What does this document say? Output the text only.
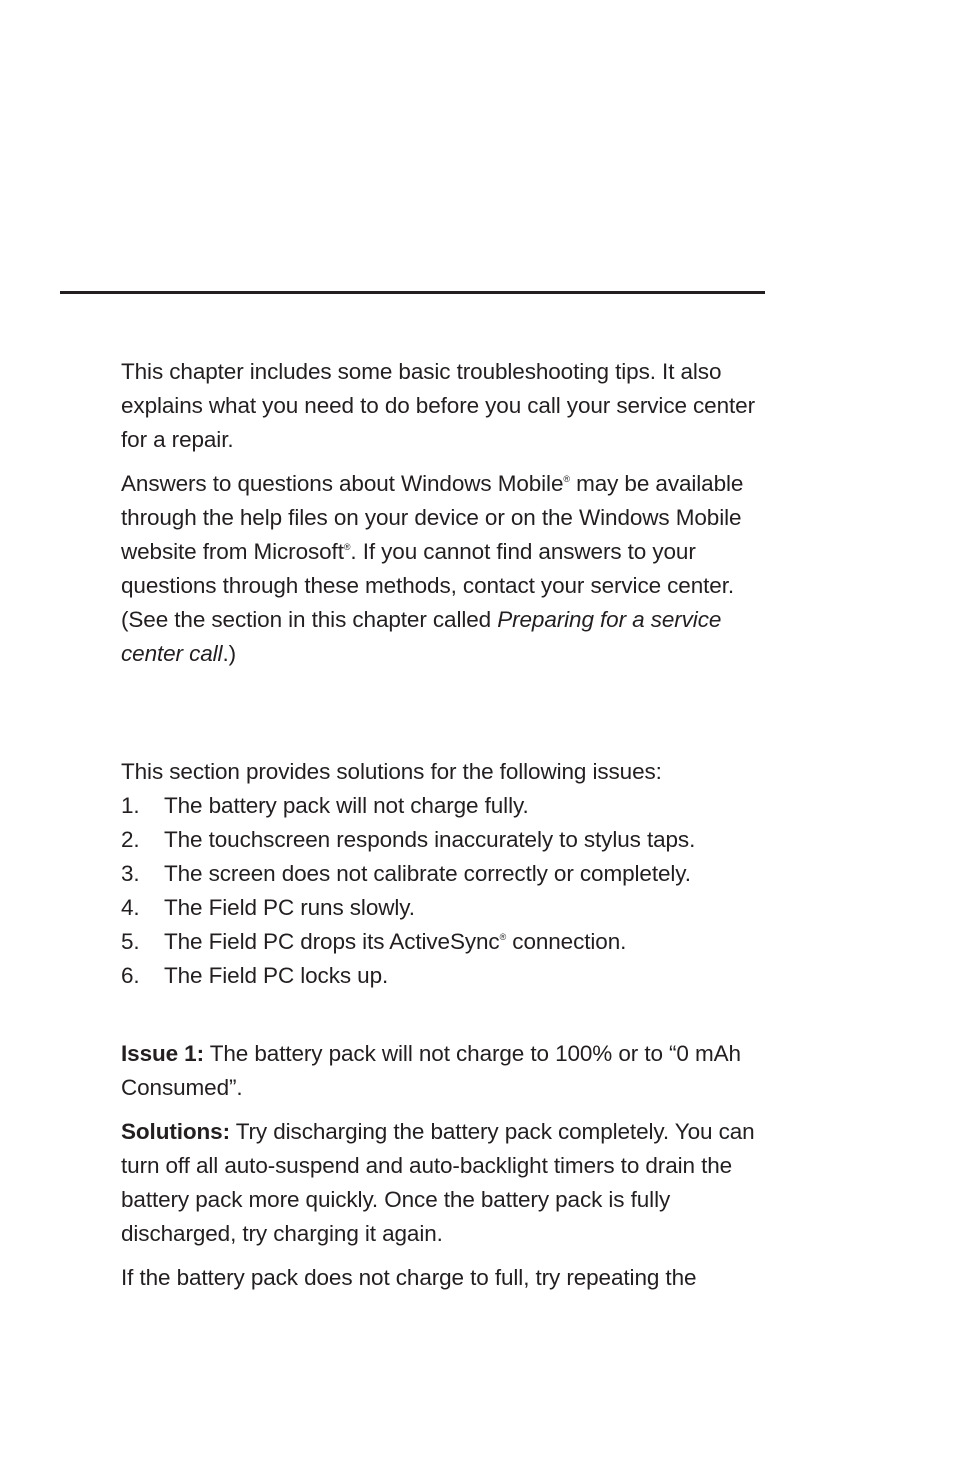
This chapter includes some basic troubleshooting tips. It also explains what you need to do before you call your service center for a repair.

Answers to questions about Windows Mobile® may be available through the help files on your device or on the Windows Mobile website from Microsoft®. If you cannot find answers to your questions through these methods, contact your service center. (See the section in this chapter called Preparing for a service center call.)

This section provides solutions for the following issues:

1. The battery pack will not charge fully.
2. The touchscreen responds inaccurately to stylus taps.
3. The screen does not calibrate correctly or completely.
4. The Field PC runs slowly.
5. The Field PC drops its ActiveSync® connection.
6. The Field PC locks up.

Issue 1: The battery pack will not charge to 100% or to “0 mAh Consumed”.

Solutions: Try discharging the battery pack completely. You can turn off all auto-suspend and auto-backlight timers to drain the battery pack more quickly. Once the battery pack is fully discharged, try charging it again.

If the battery pack does not charge to full, try repeating the
